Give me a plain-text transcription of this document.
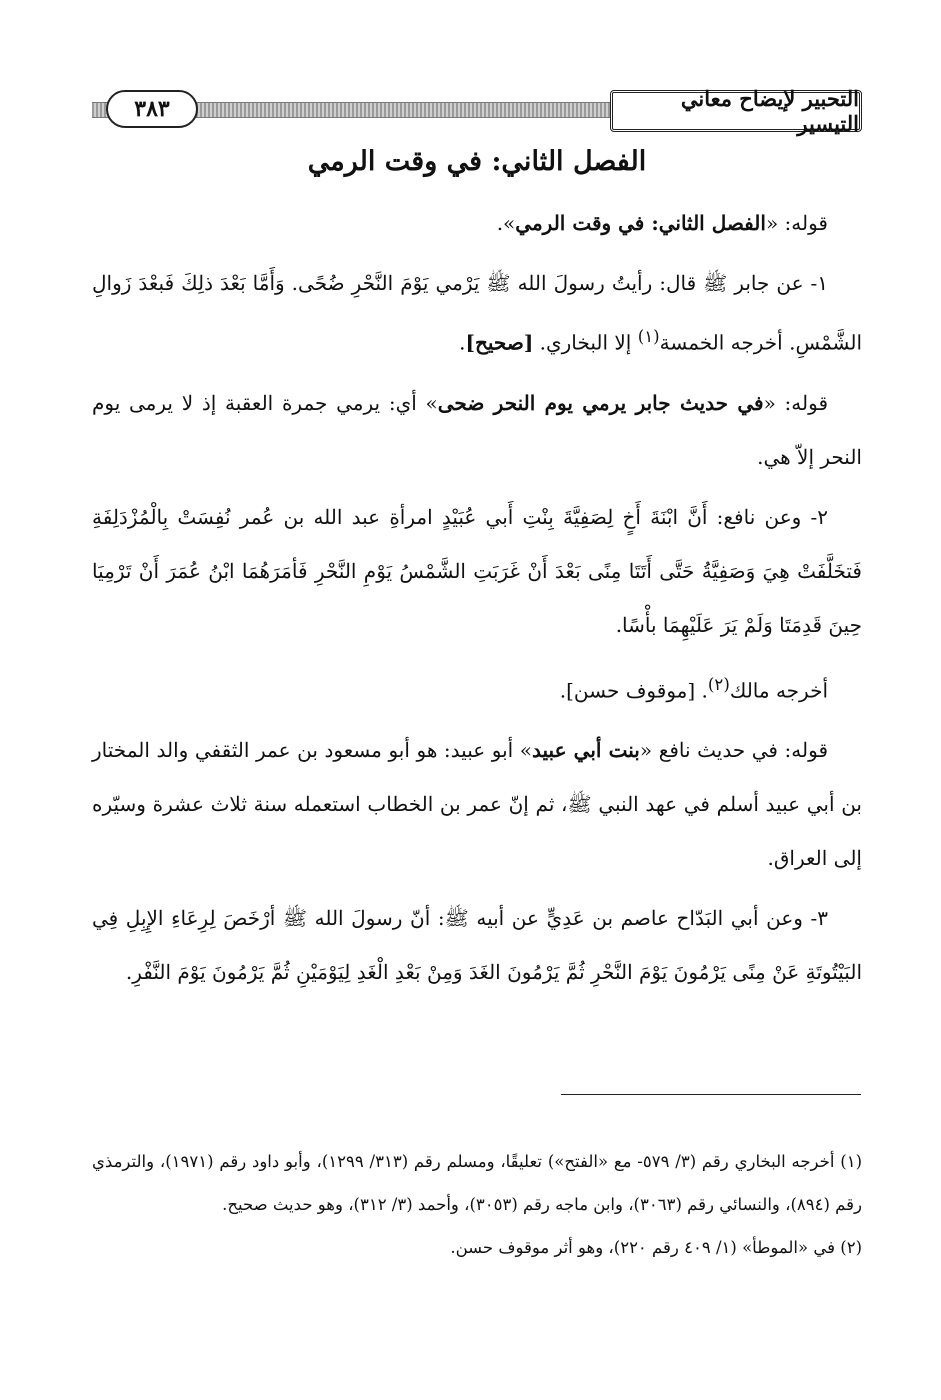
التحبير لإيضاح معاني التيسير
٣٨٣
الفصل الثاني: في وقت الرمي

قوله: «الفصل الثاني: في وقت الرمي».

١- عن جابر ﷺ قال: رأيتُ رسولَ الله ﷺ يَرْمي يَوْمَ النَّحْرِ ضُحًى. وَأَمَّا بَعْدَ ذلِكَ فَبعْدَ زَوالِ الشَّمْسِ. أخرجه الخمسة$^{(١)}$ إلا البخاري. [صحيح].

قوله: «في حديث جابر يرمي يوم النحر ضحى» أي: يرمي جمرة العقبة إذ لا يرمى يوم النحر إلاّ هي.

٢- وعن نافع: أَنَّ ابْنَةَ أَخٍ لِصَفِيَّةَ بِنْتِ أَبي عُبَيْدٍ امرأةِ عبد الله بن عُمر نُفِسَتْ بِالْمُزْدَلِفَةِ فَتخَلَّفَتْ هِيَ وَصَفِيَّةُ حَتَّى أَتَتَا مِنًى بَعْدَ أَنْ غَرَبَتِ الشَّمْسُ يَوْمِ النَّحْرِ فَأمَرَهُمَا ابْنُ عُمَرَ أَنْ تَرْمِيَا حِينَ قَدِمَتَا وَلَمْ يَرَ عَلَيْهِمَا بأْسًا.

أخرجه مالك$^{(٢)}$. [موقوف حسن].

قوله: في حديث نافع «بنت أبي عبيد» أبو عبيد: هو أبو مسعود بن عمر الثقفي والد المختار بن أبي عبيد أسلم في عهد النبي ﷺ، ثم إنّ عمر بن الخطاب استعمله سنة ثلاث عشرة وسيّره إلى العراق.

٣- وعن أبي البَدّاح عاصم بن عَدِيٍّ عن أبيه ﷺ: أنّ رسولَ الله ﷺ أرْخَصَ لِرِعَاءِ الإِبِلِ فِي البَيْتُوتَةِ عَنْ مِنًى يَرْمُونَ يَوْمَ النَّحْرِ ثُمَّ يَرْمُونَ الغَدَ وَمِنْ بَعْدِ الْغَدِ لِيَوْمَيْنِ ثُمَّ يَرْمُونَ يَوْمَ النَّفْرِ.

(١) أخرجه البخاري رقم (٣/ ٥٧٩- مع «الفتح») تعليقًا، ومسلم رقم (٣١٣/ ١٢٩٩)، وأبو داود رقم (١٩٧١)، والترمذي رقم (٨٩٤)، والنسائي رقم (٣٠٦٣)، وابن ماجه رقم (٣٠٥٣)، وأحمد (٣/ ٣١٢)، وهو حديث صحيح.

(٢) في «الموطأ» (١/ ٤٠٩ رقم ٢٢٠)، وهو أثر موقوف حسن.
